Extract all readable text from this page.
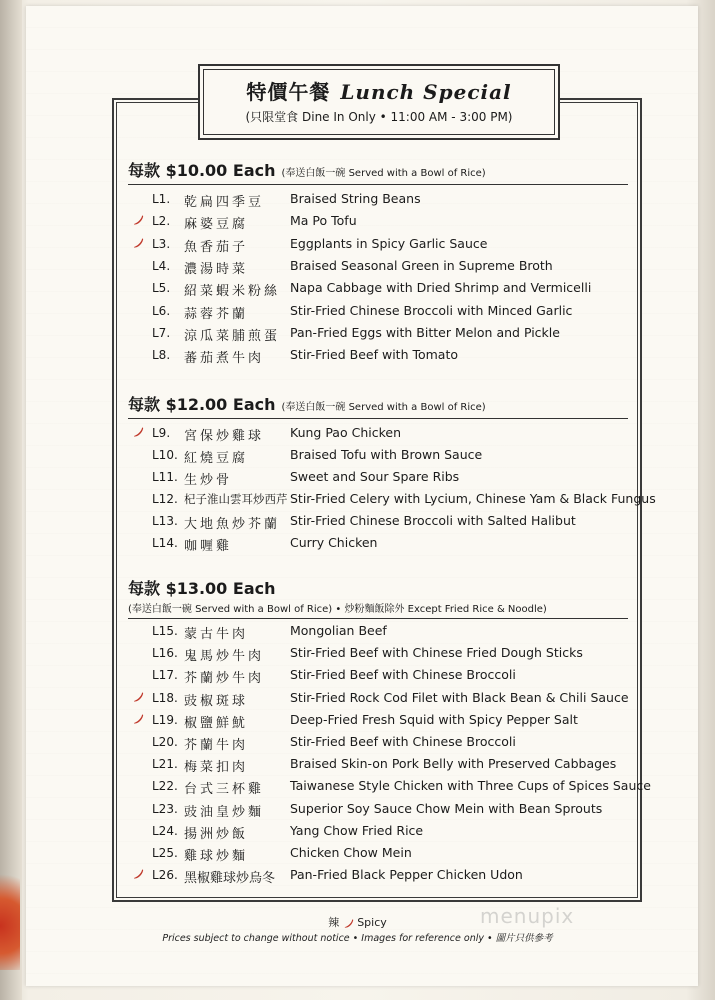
特價午餐 Lunch Special
(只限堂食 Dine In Only • 11:00 AM - 3:00 PM)
每款 $10.00 Each (奉送白飯一碗 Served with a Bowl of Rice)
L1.	乾扁四季豆	Braised String Beans
L2.	麻婆豆腐	Ma Po Tofu
L3.	魚香茄子	Eggplants in Spicy Garlic Sauce
L4.	濃湯時菜	Braised Seasonal Green in Supreme Broth
L5.	紹菜蝦米粉絲 Napa Cabbage with Dried Shrimp and Vermicelli
L6.	蒜蓉芥蘭	Stir-Fried Chinese Broccoli with Minced Garlic
L7.	涼瓜菜脯煎蛋 Pan-Fried Eggs with Bitter Melon and Pickle
L8.	蕃茄煮牛肉	Stir-Fried Beef with Tomato
每款 $12.00 Each (奉送白飯一碗 Served with a Bowl of Rice)
L9.	宮保炒雞球	Kung Pao Chicken
L10. 紅燒豆腐	Braised Tofu with Brown Sauce
L11. 生炒骨	Sweet and Sour Spare Ribs
L12. 杞子淮山雲耳炒西芹 Stir-Fried Celery with Lycium, Chinese Yam & Black Fungus
L13. 大地魚炒芥蘭 Stir-Fried Chinese Broccoli with Salted Halibut
L14. 咖喱雞	Curry Chicken
每款 $13.00 Each
(奉送白飯一碗 Served with a Bowl of Rice) • 炒粉麵飯除外 Except Fried Rice & Noodle)
L15. 蒙古牛肉	Mongolian Beef
L16. 鬼馬炒牛肉	Stir-Fried Beef with Chinese Fried Dough Sticks
L17. 芥蘭炒牛肉	Stir-Fried Beef with Chinese Broccoli
L18. 豉椒斑球	Stir-Fried Rock Cod Filet with Black Bean & Chili Sauce
L19. 椒鹽鮮魷	Deep-Fried Fresh Squid with Spicy Pepper Salt
L20. 芥蘭牛肉	Stir-Fried Beef with Chinese Broccoli
L21. 梅菜扣肉	Braised Skin-on Pork Belly with Preserved Cabbages
L22. 台式三杯雞	Taiwanese Style Chicken with Three Cups of Spices Sauce
L23. 豉油皇炒麵	Superior Soy Sauce Chow Mein with Bean Sprouts
L24. 揚洲炒飯	Yang Chow Fried Rice
L25. 雞球炒麵	Chicken Chow Mein
L26. 黑椒雞球炒烏冬	Pan-Fried Black Pepper Chicken Udon
辣 Spicy
Prices subject to change without notice • Images for reference only • 圖片只供參考
menupix
